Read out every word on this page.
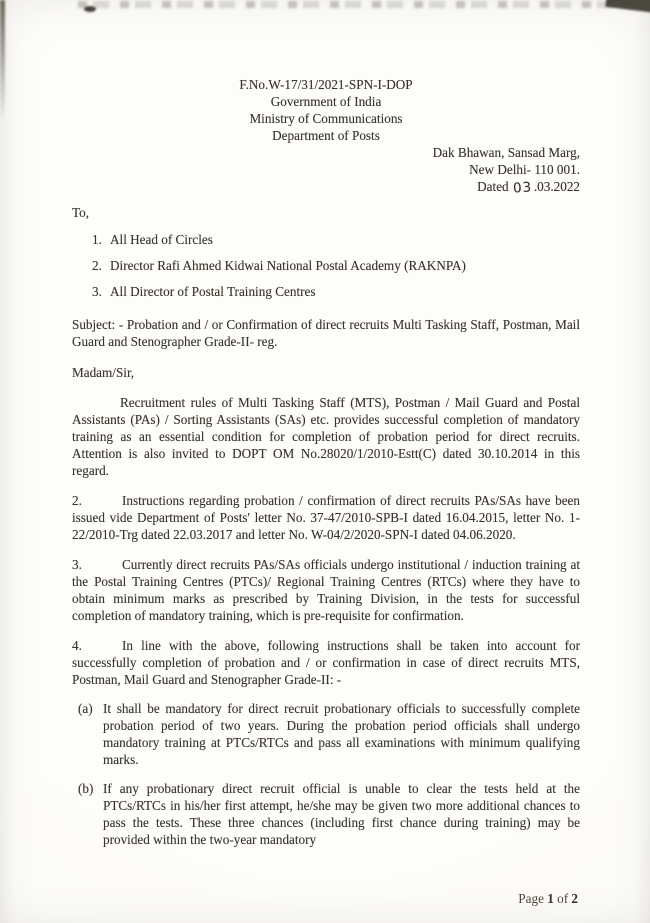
F.No.W-17/31/2021-SPN-I-DOP
Government of India
Ministry of Communications
Department of Posts
Dak Bhawan, Sansad Marg,
New Delhi- 110 001.
Dated 03.03.2022
To,
1. All Head of Circles
2. Director Rafi Ahmed Kidwai National Postal Academy (RAKNPA)
3. All Director of Postal Training Centres
Subject: - Probation and / or Confirmation of direct recruits Multi Tasking Staff, Postman, Mail Guard and Stenographer Grade-II- reg.
Madam/Sir,

Recruitment rules of Multi Tasking Staff (MTS), Postman / Mail Guard and Postal Assistants (PAs) / Sorting Assistants (SAs) etc. provides successful completion of mandatory training as an essential condition for completion of probation period for direct recruits. Attention is also invited to DOPT OM No.28020/1/2010-Estt(C) dated 30.10.2014 in this regard.

2.	Instructions regarding probation / confirmation of direct recruits PAs/SAs have been issued vide Department of Posts' letter No. 37-47/2010-SPB-I dated 16.04.2015, letter No. 1-22/2010-Trg dated 22.03.2017 and letter No. W-04/2/2020-SPN-I dated 04.06.2020.

3.	Currently direct recruits PAs/SAs officials undergo institutional / induction training at the Postal Training Centres (PTCs)/ Regional Training Centres (RTCs) where they have to obtain minimum marks as prescribed by Training Division, in the tests for successful completion of mandatory training, which is pre-requisite for confirmation.

4.	In line with the above, following instructions shall be taken into account for successfully completion of probation and / or confirmation in case of direct recruits MTS, Postman, Mail Guard and Stenographer Grade-II: -

(a) It shall be mandatory for direct recruit probationary officials to successfully complete probation period of two years. During the probation period officials shall undergo mandatory training at PTCs/RTCs and pass all examinations with minimum qualifying marks.
(b) If any probationary direct recruit official is unable to clear the tests held at the PTCs/RTCs in his/her first attempt, he/she may be given two more additional chances to pass the tests. These three chances (including first chance during training) may be provided within the two-year mandatory
Page 1 of 2
